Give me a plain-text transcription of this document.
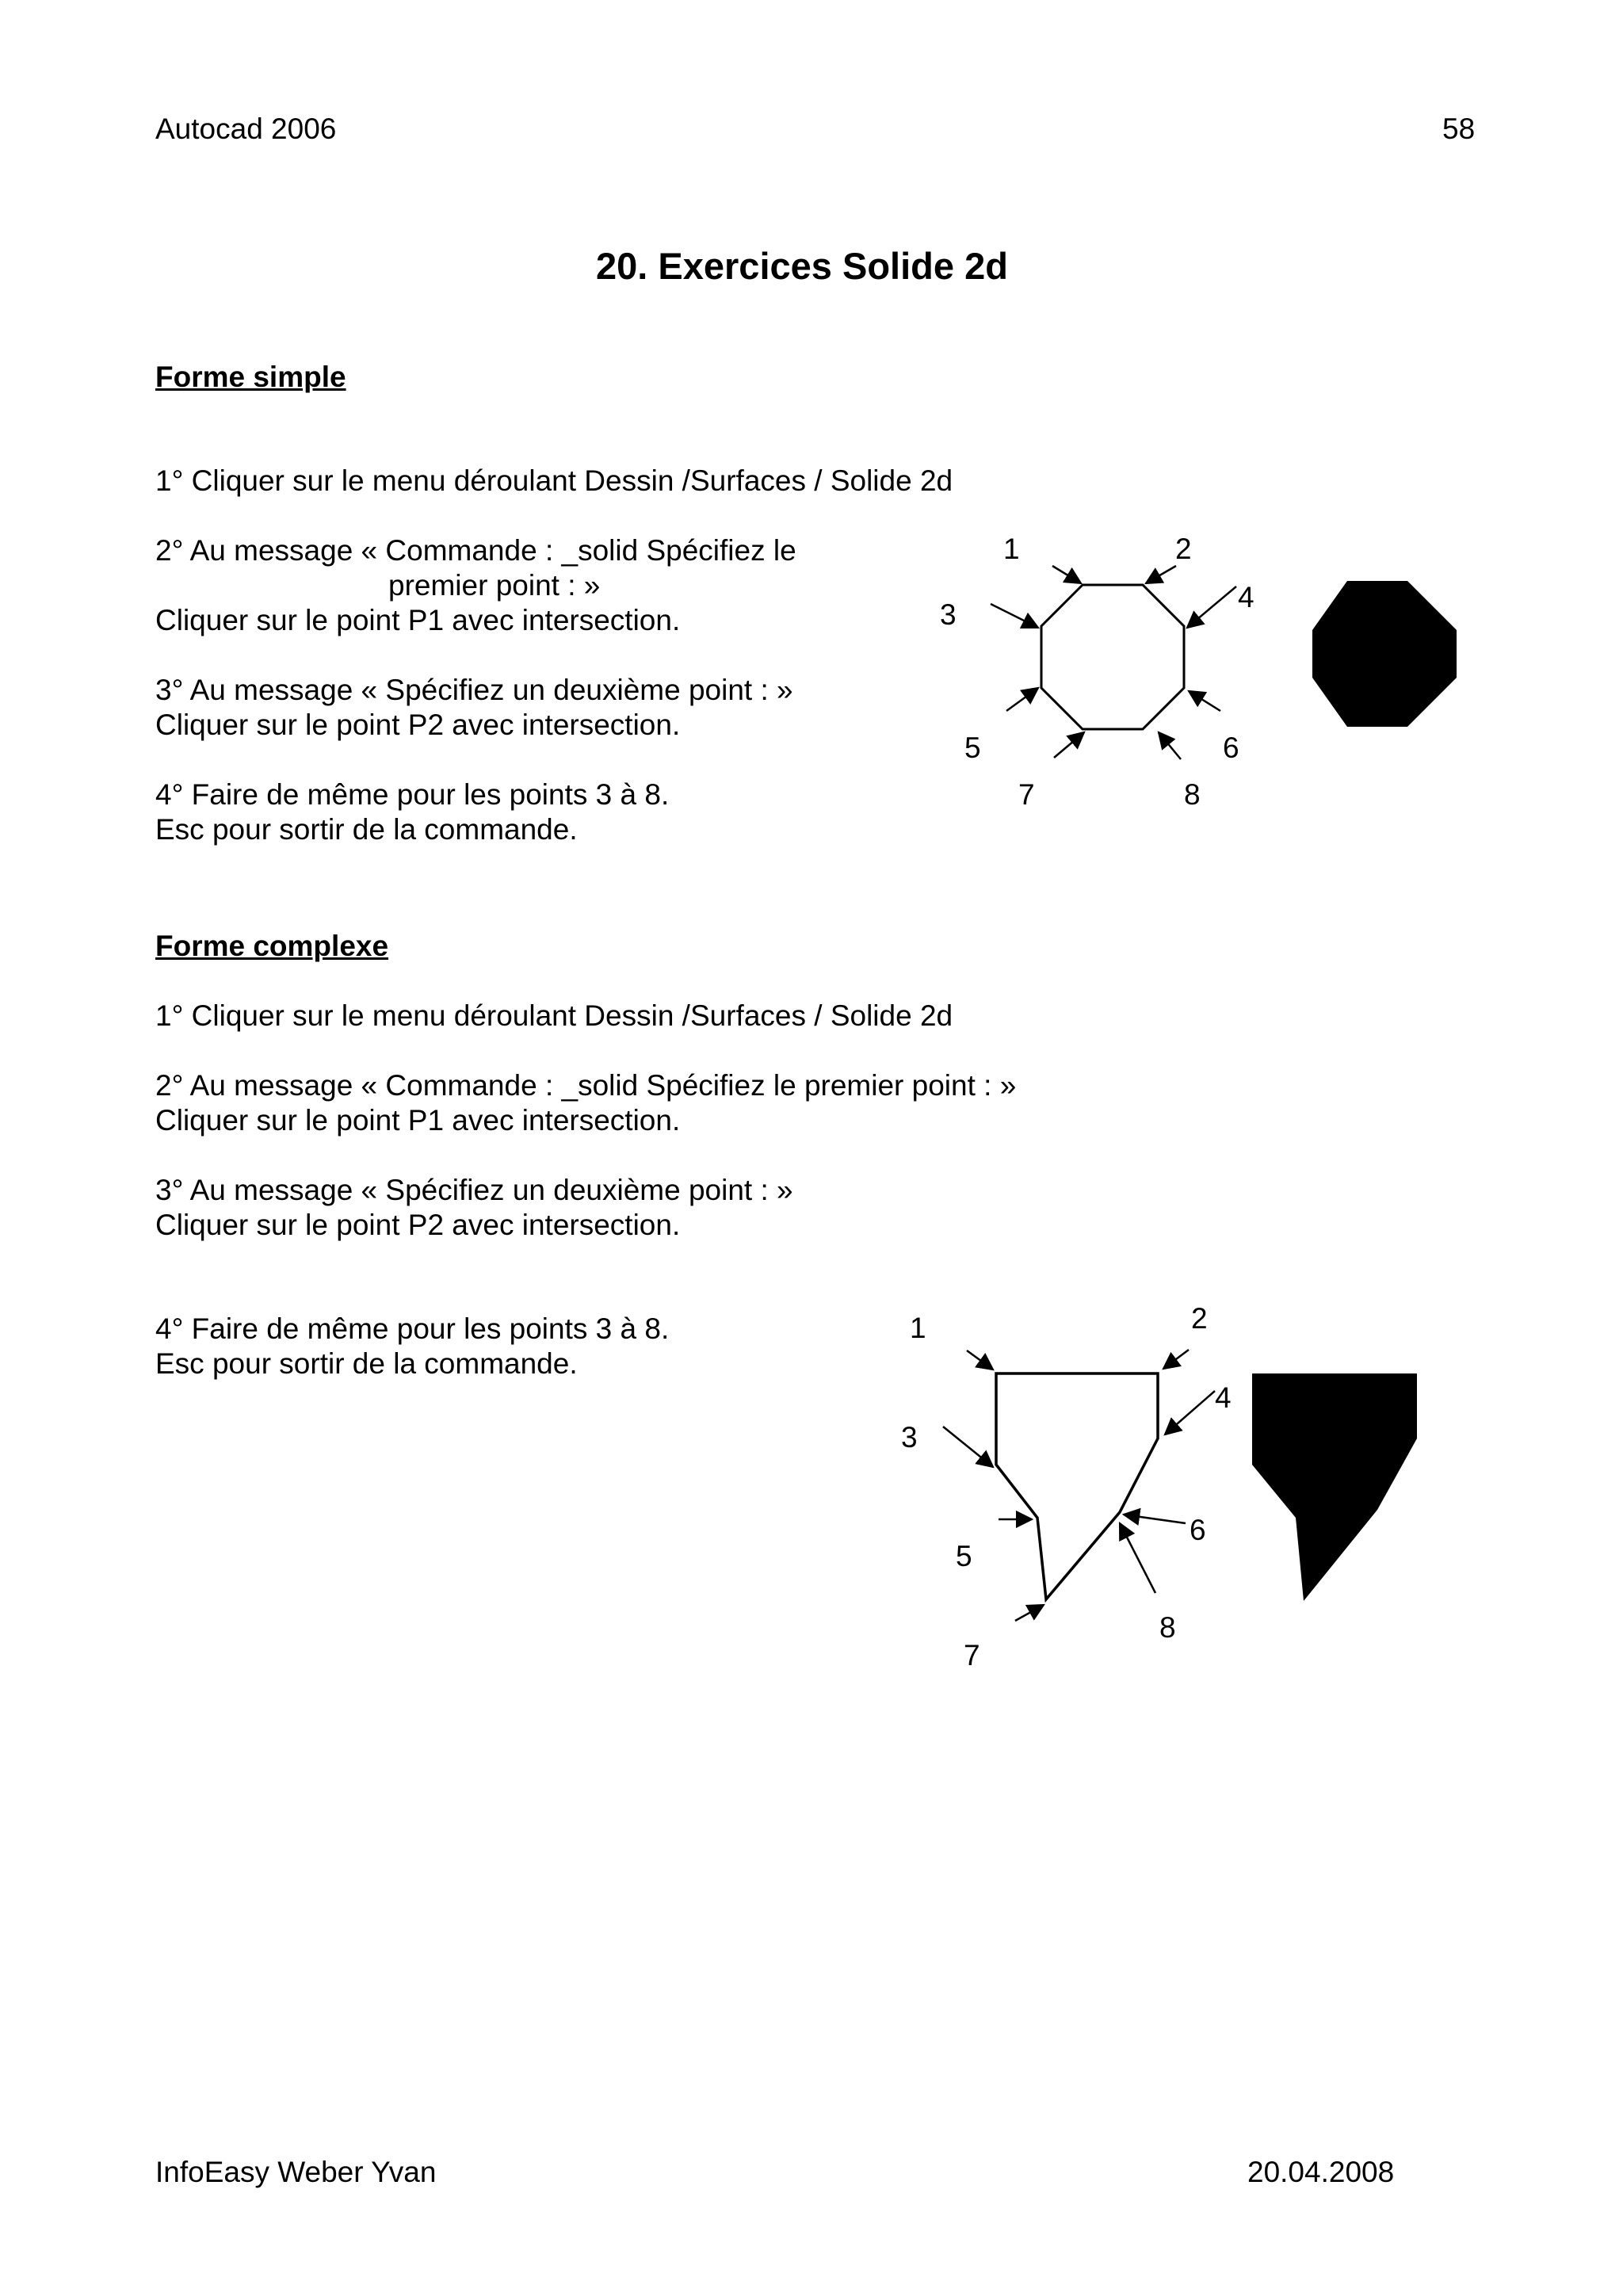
Autocad 2006	58
20. Exercices Solide 2d
Forme simple
1° Cliquer sur le menu déroulant Dessin /Surfaces / Solide 2d
2° Au message « Commande : _solid Spécifiez le
premier point : »
Cliquer sur le point P1 avec intersection.
3° Au message « Spécifiez un deuxième point : »
Cliquer sur le point P2 avec intersection.
4° Faire de même pour les points 3 à 8.
Esc pour sortir de la commande.
1	2
3
4
5	6
7	8
Forme complexe
1° Cliquer sur le menu déroulant Dessin /Surfaces / Solide 2d
2° Au message « Commande : _solid Spécifiez le premier point : »
Cliquer sur le point P1 avec intersection.
3° Au message « Spécifiez un deuxième point : »
Cliquer sur le point P2 avec intersection.
4° Faire de même pour les points 3 à 8.
Esc pour sortir de la commande.
1	2
3
4
5
6
7
8
InfoEasy Weber Yvan	20.04.2008
